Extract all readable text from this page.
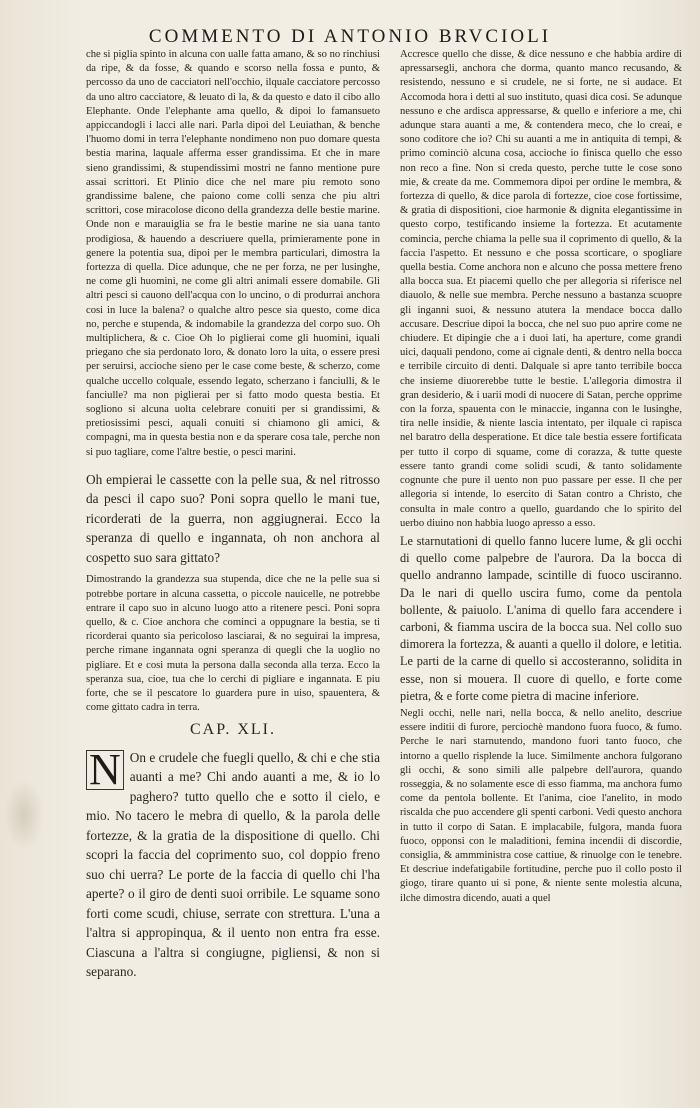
COMMENTO DI ANTONIO BRVCIOLI

che si piglia spinto in alcuna con ualle fatta amano, & so no rinchiusi da ripe, & da fosse, & quando e scorso nella fossa e punto, & percosso da uno de cacciatori nell'occhio, ilquale cacciatore percosso da uno altro cacciatore, & leuato di la, & da questo e dato il cibo allo Elephante. Onde l'elephante ama quello, & dipoi lo famansueto appiccandogli i lacci alle nari. Parla dipoi del Leuiathan, & benche l'huomo domi in terra l'elephante nondimeno non puo domare questa bestia marina, laquale afferma esser grandissima. Et che in mare sieno grandissimi, & stupendissimi mostri ne fanno mentione pure assai scrittori. Et Plinio dice che nel mare piu remoto sono grandissime balene, che paiono come colli senza che piu altri scrittori, cose miracolose dicono della grandezza delle bestie marine. Onde non e marauiglia se fra le bestie marine ne sia uana tanto prodigiosa, & hauendo a descriuere quella, primieramente pone in genere la potentia sua, dipoi per le membra particulari, dimostra la fortezza di quella. Dice adunque, che ne per forza, ne per lusinghe, ne come gli huomini, ne come gli altri animali essere domabile. Gli altri pesci si cauono dell'acqua con lo uncino, o di produrrai anchora cosi in luce la balena? o qualche altro pesce sia questo, come dica no, perche e stupenda, & indomabile la grandezza del corpo suo. Oh multiplichera, & c. Cioe Oh lo piglierai come gli huomini, iquali priegano che sia perdonato loro, & donato loro la uita, o essere presi per seruirsi, accioche sieno per le case come beste, & scherzo, come qualche uccello colquale, essendo legato, scherzano i fanciulli, & le fanciulle? ma non piglierai per si fatto modo questa bestia. Et sogliono si alcuna uolta celebrare conuiti per si grandissimi, & pretiosissimi pesci, aquali conuiti si chiamono gli amici, & compagni, ma in questa bestia non e da sperare cosa tale, perche non si puo tagliare, come l'altre bestie, o pesci marini.

Oh empierai le cassette con la pelle sua, & nel ritrosso da pesci il capo suo? Poni sopra quello le mani tue, ricorderati de la guerra, non aggiugnerai. Ecco la speranza di quello e ingannata, oh non anchora al cospetto suo sara gittato?

Dimostrando la grandezza sua stupenda, dice che ne la pelle sua si potrebbe portare in alcuna cassetta, o piccole nauicelle, ne potrebbe entrare il capo suo in alcuno luogo atto a ritenere pesci. Poni sopra quello, & c. Cioe anchora che cominci a oppugnare la bestia, se ti ricorderai quanto sia pericoloso lasciarai, & no seguirai la impresa, perche rimane ingannata ogni speranza di quegli che la uoglio no pigliare. Et e cosi muta la persona dalla seconda alla terza. Ecco la speranza sua, cioe, tua che lo cerchi di pigliare e ingannata. E piu forte, che se il pescatore lo guardera pure in uiso, spauentera, & come gittato cadra in terra.

CAP. XLI.

N On e crudele che fuegli quello, & chi e che stia auanti a me? Chi ando auanti a me, & io lo paghero? tutto quello che e sotto il cielo, e mio. No tacero le mebra di quello, & la parola delle fortezze, & la gratia de la dispositione di quello. Chi scopri la faccia del coprimento suo, col doppio freno suo chi uerra? Le porte de la faccia di quello chi l'ha aperte? o il giro de denti suoi orribile. Le squame sono forti come scudi, chiuse, serrate con strettura. L'una a l'altra si appropinqua, & il uento non entra fra esse. Ciascuna a l'altra si congiugne, pigliensi, & non si separano.

Accresce quello che disse, & dice nessuno e che habbia ardire di apressarsegli, anchora che dorma, quanto manco recusando, & resistendo, nessuno e si crudele, ne si forte, ne si audace. Et Accomoda hora i detti al suo instituto, quasi dica cosi. Se adunque nessuno e che ardisca appressarse, & quello e inferiore a me, chi adunque stara auanti a me, & contendera meco, che lo creai, e sono coditore che io? Chi su auanti a me in antiquita di tempi, & primo cominciò alcuna cosa, accioche io finisca quello che esso non reco a fine. Non si creda questo, perche tutte le cose sono mie, & create da me. Commemora dipoi per ordine le membra, & fortezza di quello, & dice parola di fortezze, cioe cose fortissime, & gratia di dispositioni, cioe harmonie & dignita elegantissime in questo corpo, testificando insieme la fortezza. Et acutamente comincia, perche chiama la pelle sua il coprimento di quello, & la faccia l'aspetto. Et nessuno e che possa scorticare, o spogliare quella bestia. Come anchora non e alcuno che possa mettere freno alla bocca sua. Et piacemi quello che per allegoria si riferisce nel diauolo, & nelle sue membra. Perche nessuno a bastanza scuopre gli inganni suoi, & nessuno atutera la mendace bocca dallo accusare. Descriue dipoi la bocca, che nel suo puo aprire come ne chiudere. Et dipingie che a i duoi lati, ha aperture, come grandi uici, daquali pendono, come ai cignale denti, & dentro nella bocca e terribile circuito di denti. Dalquale si apre tanto terribile bocca che insieme diuorerebbe tutte le bestie. L'allegoria dimostra il gran desiderio, & i uarii modi di nuocere di Satan, perche opprime con la forza, spauenta con le minaccie, inganna con le lusinghe, tira nelle insidie, & niente lascia intentato, per ilquale ci rapisca nel baratro della desperatione. Et dice tale bestia essere fortificata per tutto il corpo di squame, come di corazza, & tutte queste essere tanto grandi come solidi scudi, & tanto solidamente cognunte che pure il uento non puo passare per esse. Il che per allegoria si intende, lo esercito di Satan contro a Christo, che consulta in male contro a quello, guardando che lo spirito del uerbo diuino non habbia luogo apresso a esso.

Le starnutationi di quello fanno lucere lume, & gli occhi di quello come palpebre de l'aurora. Da la bocca di quello andranno lampade, scintille di fuoco usciranno. Da le nari di quello uscira fumo, come da pentola bollente, & paiuolo. L'anima di quello fara accendere i carboni, & fiamma uscira de la bocca sua. Nel collo suo dimorera la fortezza, & auanti a quello il dolore, e letitia. Le parti de la carne di quello si accosteranno, solidita in esse, non si mouera. Il cuore di quello, e forte come pietra, & e forte come pietra di macine inferiore.

Negli occhi, nelle nari, nella bocca, & nello anelito, descriue essere inditii di furore, perciochè mandono fuora fuoco, & fumo. Perche le nari starnutendo, mandono fuori tanto fuoco, che intorno a quello risplende la luce. Similmente anchora fulgorano gli occhi, & sono simili alle palpebre dell'aurora, quando rosseggia, & no solamente esce di esso fiamma, ma anchora fumo come da pentola bollente. Et l'anima, cioe l'anelito, in modo riscalda che puo accendere gli spenti carboni. Vedi questo anchora in tutto il corpo di Satan. E implacabile, fulgora, manda fuora fuoco, opponsi con le maladitioni, femina incendii di discordie, consiglia, & ammministra cose cattiue, & rinuolge con le tenebre. Et descriue indefatigabile fortitudine, perche puo il collo posto il giogo, tirare quanto ui si pone, & niente sente molestia alcuna, ilche dimostra dicendo, auati a quel
